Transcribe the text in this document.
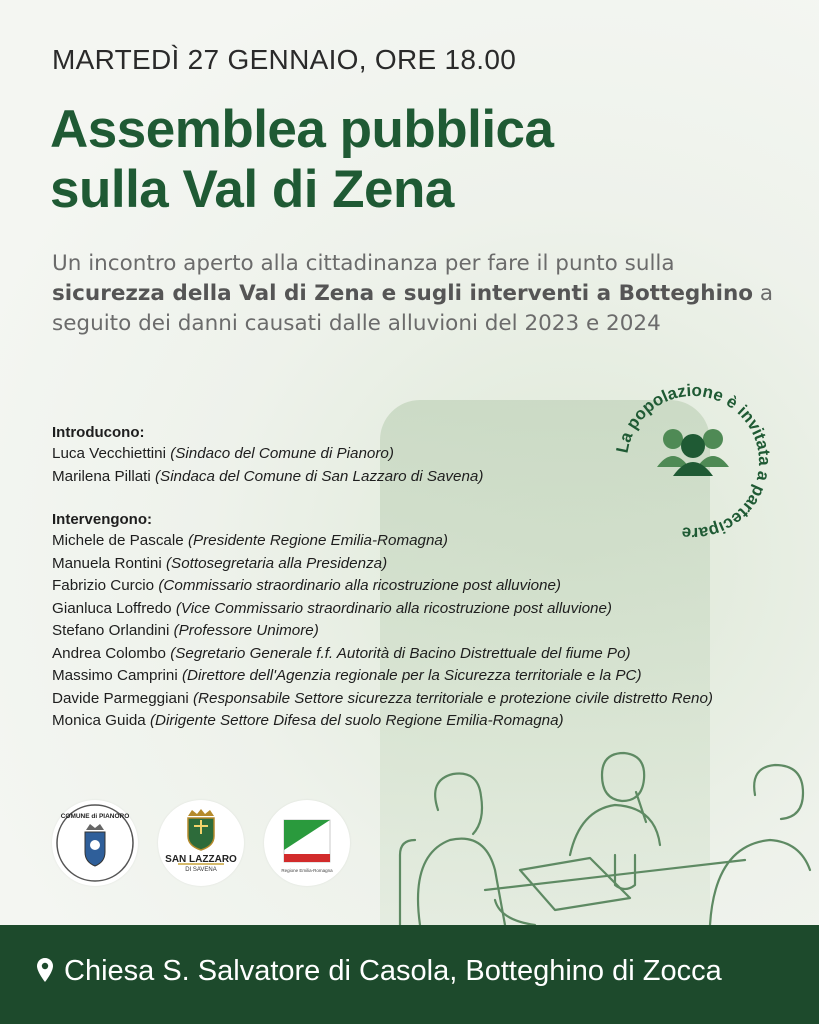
MARTEDÌ 27 GENNAIO, ORE 18.00
Assemblea pubblica
sulla Val di Zena
Un incontro aperto alla cittadinanza per fare il punto sulla sicurezza della Val di Zena e sugli interventi a Botteghino a seguito dei danni causati dalle alluvioni del 2023 e 2024
La popolazione è invitata a partecipare
Introducono:
Luca Vecchiettini (Sindaco del Comune di Pianoro)
Marilena Pillati (Sindaca del Comune di San Lazzaro di Savena)
Intervengono:
Michele de Pascale (Presidente Regione Emilia-Romagna)
Manuela Rontini (Sottosegretaria alla Presidenza)
Fabrizio Curcio (Commissario straordinario alla ricostruzione post alluvione)
Gianluca Loffredo (Vice Commissario straordinario alla ricostruzione post alluvione)
Stefano Orlandini (Professore Unimore)
Andrea Colombo (Segretario Generale f.f. Autorità di Bacino Distrettuale del fiume Po)
Massimo Camprini (Direttore dell'Agenzia regionale per la Sicurezza territoriale e la PC)
Davide Parmeggiani (Responsabile Settore sicurezza territoriale e protezione civile distretto Reno)
Monica Guida (Dirigente Settore Difesa del suolo Regione Emilia-Romagna)
COMUNE di PIANORO
SAN LAZZARO
DI SAVENA	Regione Emilia-Romagna
Chiesa S. Salvatore di Casola, Botteghino di Zocca
